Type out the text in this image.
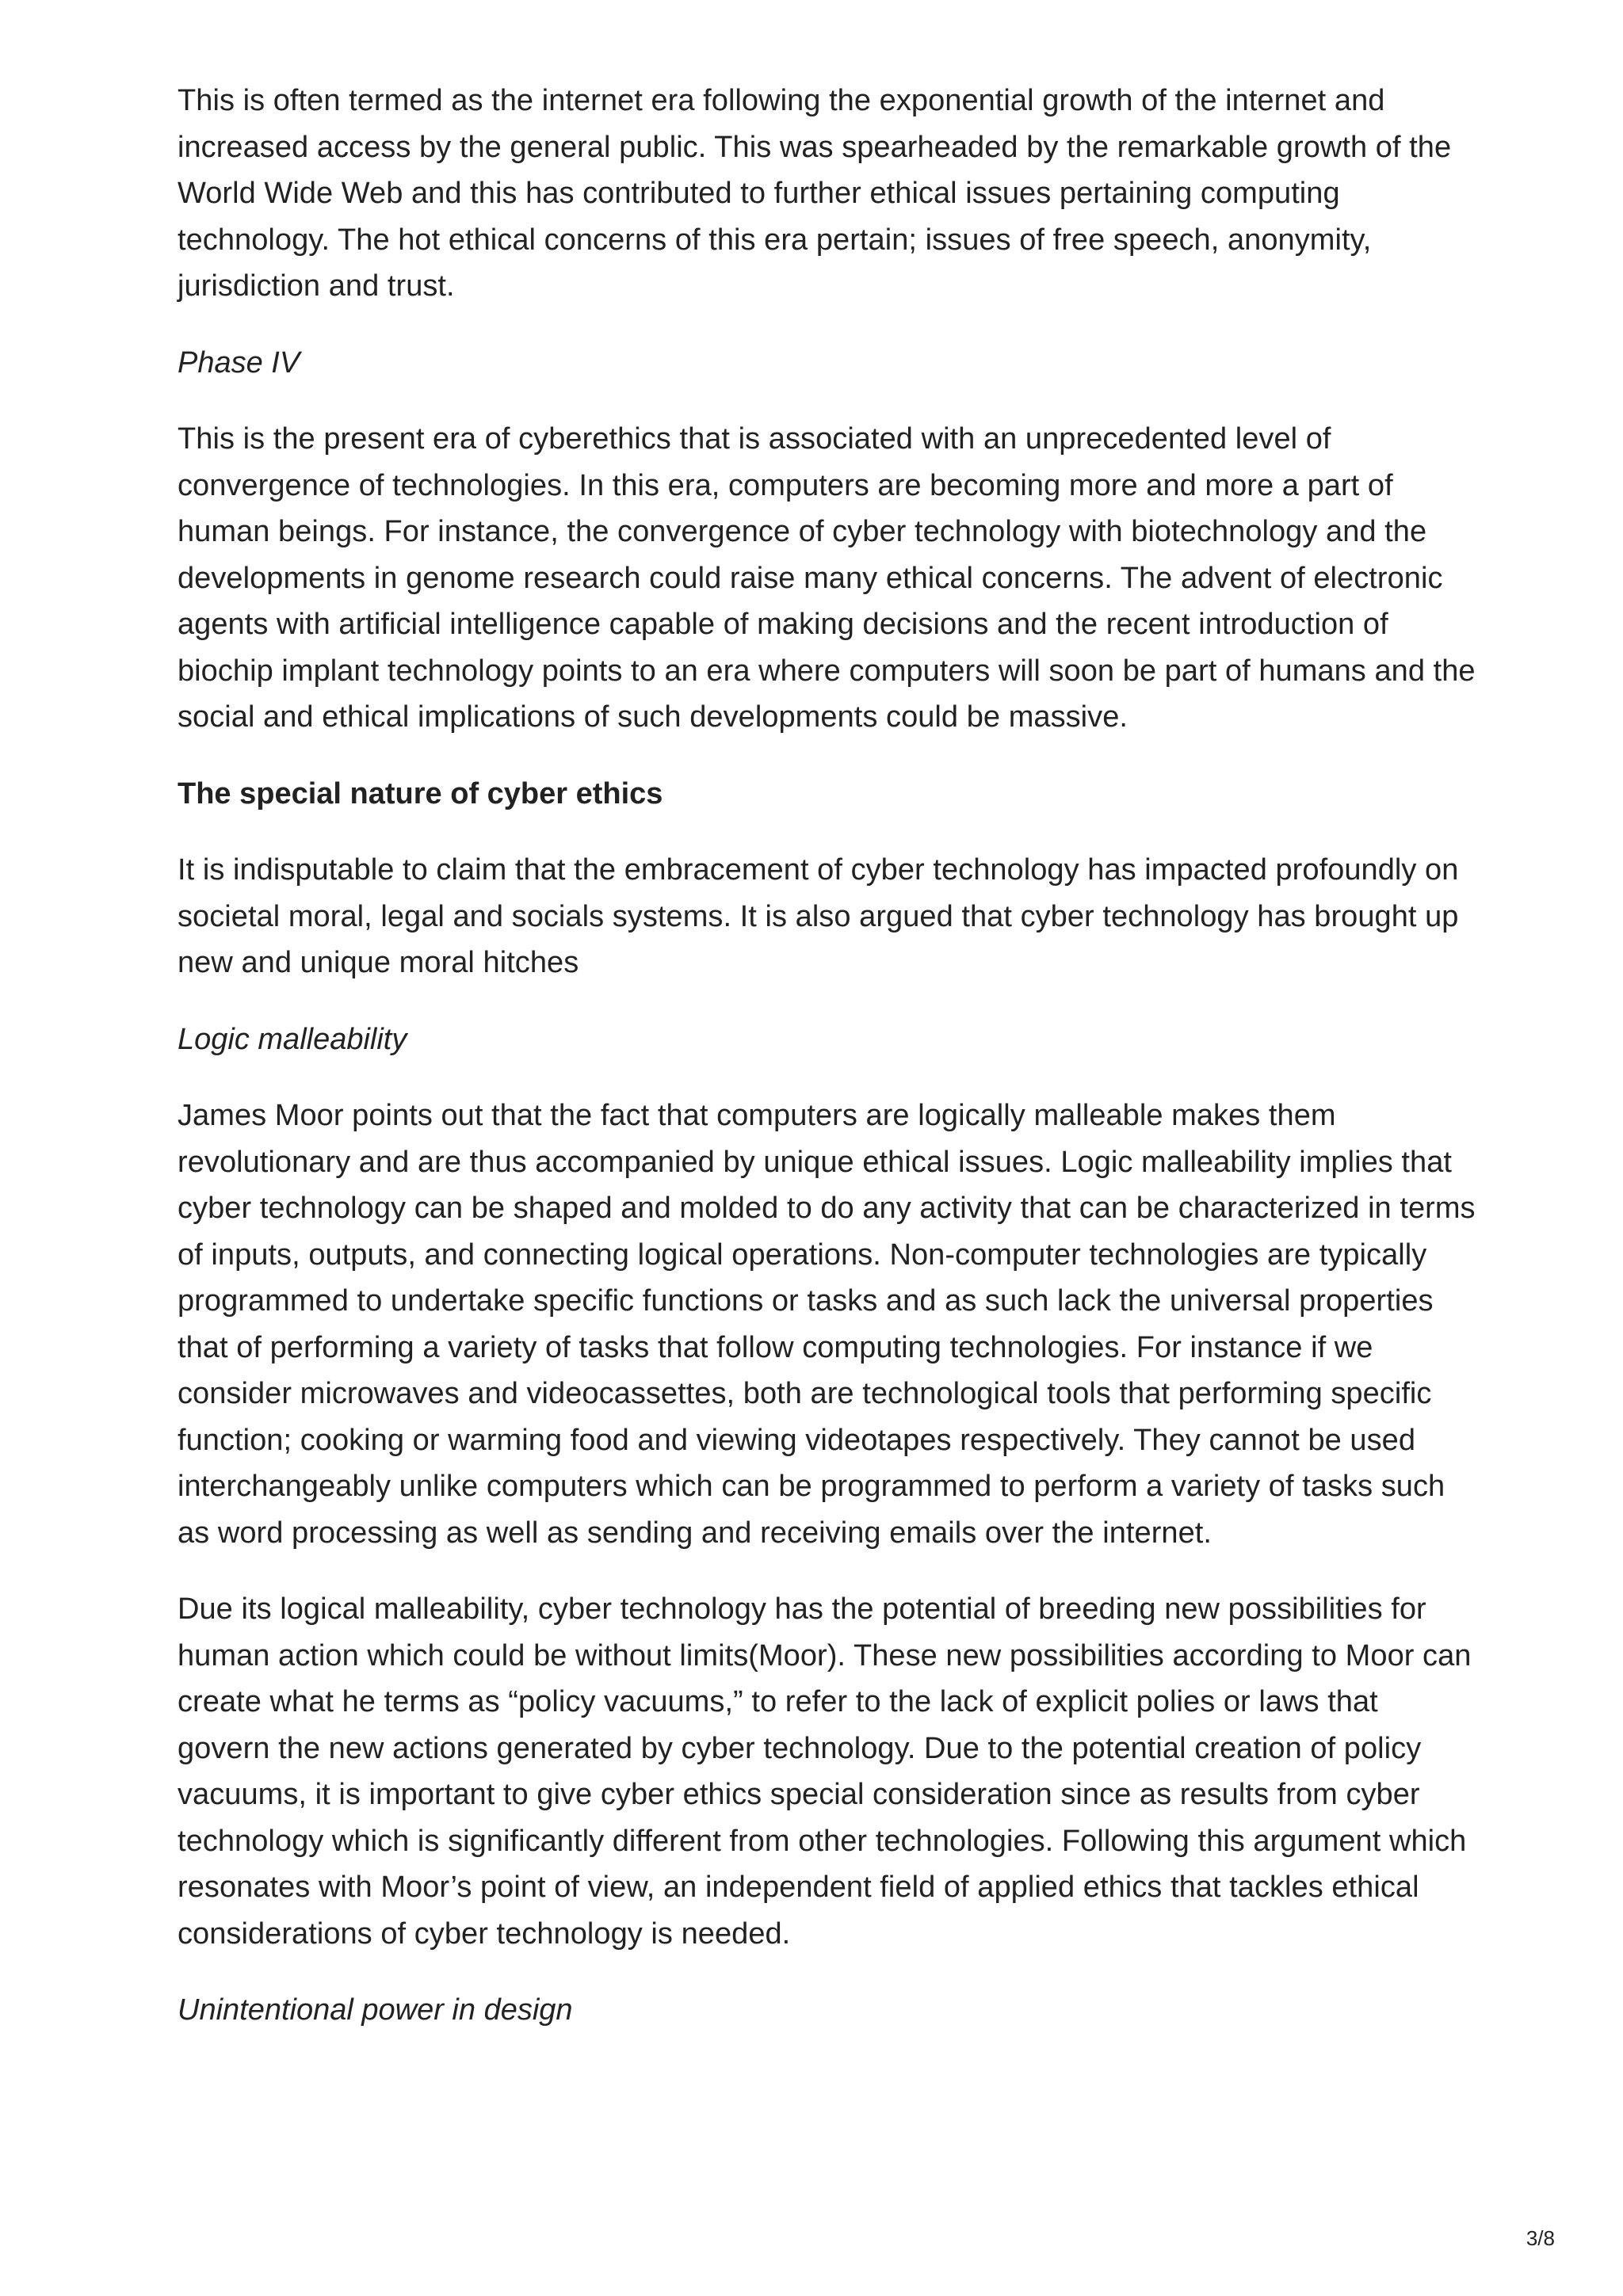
This is often termed as the internet era following the exponential growth of the internet and increased access by the general public. This was spearheaded by the remarkable growth of the World Wide Web and this has contributed to further ethical issues pertaining computing technology. The hot ethical concerns of this era pertain; issues of free speech, anonymity, jurisdiction and trust.

Phase IV

This is the present era of cyberethics that is associated with an unprecedented level of convergence of technologies. In this era, computers are becoming more and more a part of human beings. For instance, the convergence of cyber technology with biotechnology and the developments in genome research could raise many ethical concerns. The advent of electronic agents with artificial intelligence capable of making decisions and the recent introduction of biochip implant technology points to an era where computers will soon be part of humans and the social and ethical implications of such developments could be massive.

The special nature of cyber ethics

It is indisputable to claim that the embracement of cyber technology has impacted profoundly on societal moral, legal and socials systems. It is also argued that cyber technology has brought up new and unique moral hitches

Logic malleability

James Moor points out that the fact that computers are logically malleable makes them revolutionary and are thus accompanied by unique ethical issues. Logic malleability implies that cyber technology can be shaped and molded to do any activity that can be characterized in terms of inputs, outputs, and connecting logical operations. Non-computer technologies are typically programmed to undertake specific functions or tasks and as such lack the universal properties that of performing a variety of tasks that follow computing technologies. For instance if we consider microwaves and videocassettes, both are technological tools that performing specific function; cooking or warming food and viewing videotapes respectively. They cannot be used interchangeably unlike computers which can be programmed to perform a variety of tasks such as word processing as well as sending and receiving emails over the internet.

Due its logical malleability, cyber technology has the potential of breeding new possibilities for human action which could be without limits(Moor). These new possibilities according to Moor can create what he terms as “policy vacuums,” to refer to the lack of explicit polies or laws that govern the new actions generated by cyber technology. Due to the potential creation of policy vacuums, it is important to give cyber ethics special consideration since as results from cyber technology which is significantly different from other technologies. Following this argument which resonates with Moor’s point of view, an independent field of applied ethics that tackles ethical considerations of cyber technology is needed.

Unintentional power in design

3/8
